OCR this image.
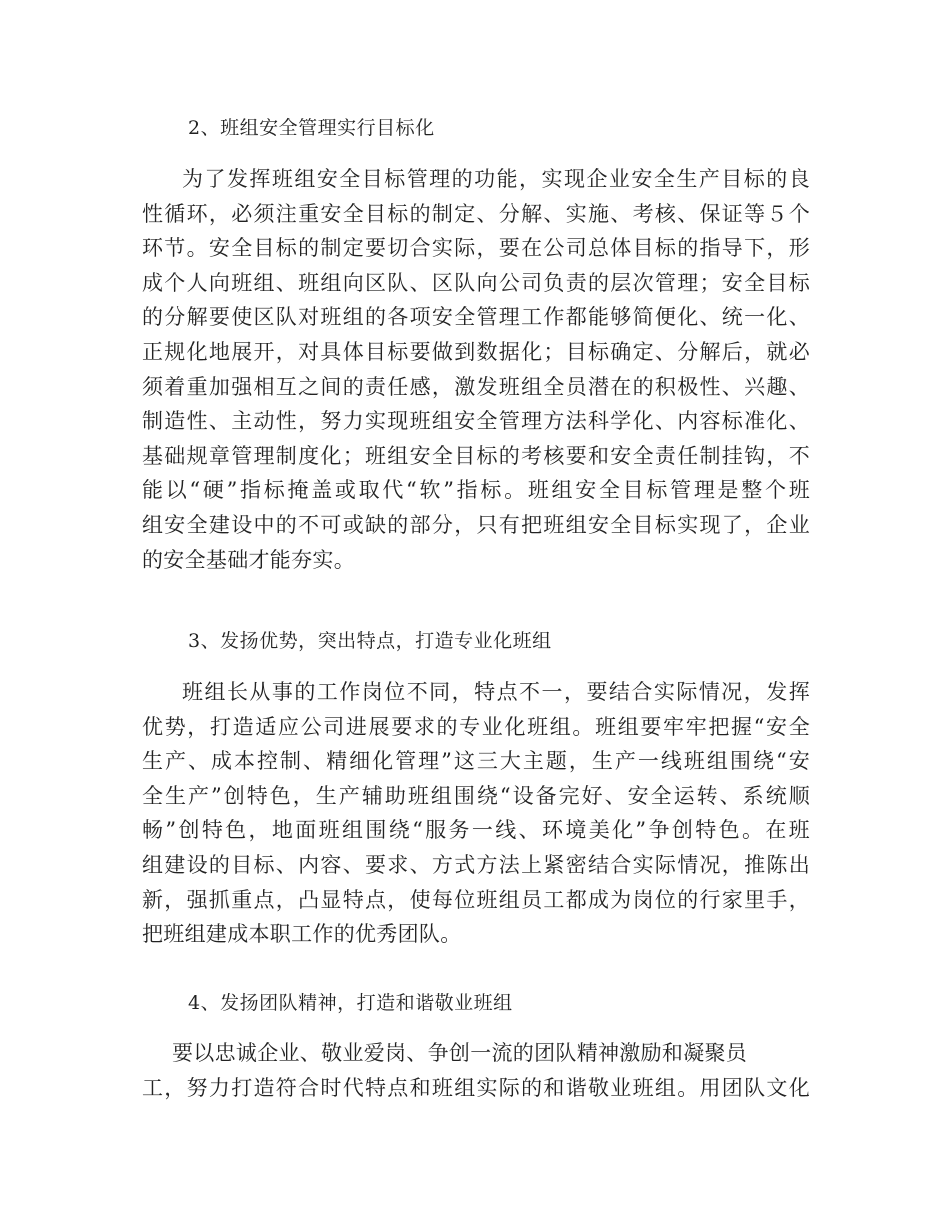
2、班组安全管理实行目标化
为了发挥班组安全目标管理的功能，实现企业安全生产目标的良
性循环，必须注重安全目标的制定、分解、实施、考核、保证等５个
环节。安全目标的制定要切合实际，要在公司总体目标的指导下，形
成个人向班组、班组向区队、区队向公司负责的层次管理；安全目标
的分解要使区队对班组的各项安全管理工作都能够简便化、统一化、
正规化地展开，对具体目标要做到数据化；目标确定、分解后，就必
须着重加强相互之间的责任感，激发班组全员潜在的积极性、兴趣、
制造性、主动性，努力实现班组安全管理方法科学化、内容标准化、
基础规章管理制度化；班组安全目标的考核要和安全责任制挂钩，不
能以“硬”指标掩盖或取代“软”指标。班组安全目标管理是整个班
组安全建设中的不可或缺的部分，只有把班组安全目标实现了，企业
的安全基础才能夯实。
3、发扬优势，突出特点，打造专业化班组
班组长从事的工作岗位不同，特点不一，要结合实际情况，发挥
优势，打造适应公司进展要求的专业化班组。班组要牢牢把握“安全
生产、成本控制、精细化管理”这三大主题，生产一线班组围绕“安
全生产”创特色，生产辅助班组围绕“设备完好、安全运转、系统顺
畅”创特色，地面班组围绕“服务一线、环境美化”争创特色。在班
组建设的目标、内容、要求、方式方法上紧密结合实际情况，推陈出
新，强抓重点，凸显特点，使每位班组员工都成为岗位的行家里手，
把班组建成本职工作的优秀团队。
4、发扬团队精神，打造和谐敬业班组
要以忠诚企业、敬业爱岗、争创一流的团队精神激励和凝聚员
工，努力打造符合时代特点和班组实际的和谐敬业班组。用团队文化
